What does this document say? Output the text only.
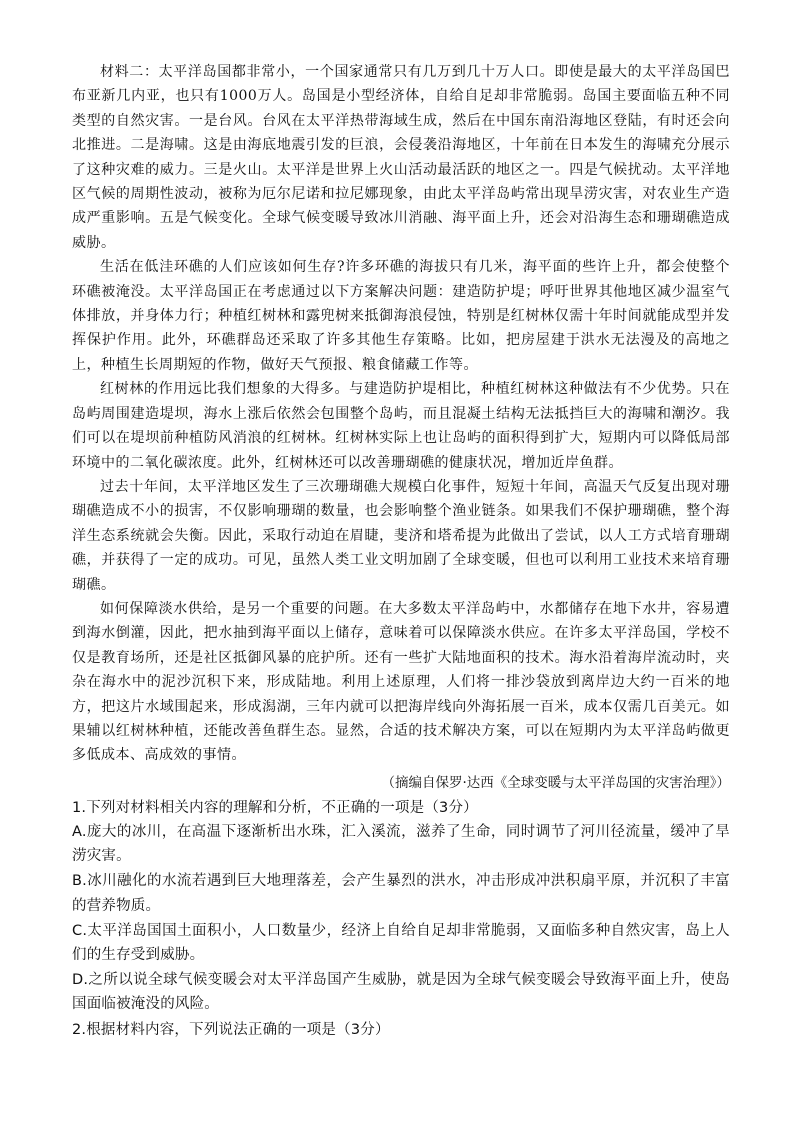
材料二：太平洋岛国都非常小，一个国家通常只有几万到几十万人口。即使是最大的太平洋岛国巴布亚新几内亚，也只有1000万人。岛国是小型经济体，自给自足却非常脆弱。岛国主要面临五种不同类型的自然灾害。一是台风。台风在太平洋热带海域生成，然后在中国东南沿海地区登陆，有时还会向北推进。二是海啸。这是由海底地震引发的巨浪，会侵袭沿海地区，十年前在日本发生的海啸充分展示了这种灾难的威力。三是火山。太平洋是世界上火山活动最活跃的地区之一。四是气候扰动。太平洋地区气候的周期性波动，被称为厄尔尼诺和拉尼娜现象，由此太平洋岛屿常出现旱涝灾害，对农业生产造成严重影响。五是气候变化。全球气候变暖导致冰川消融、海平面上升，还会对沿海生态和珊瑚礁造成威胁。

生活在低洼环礁的人们应该如何生存?许多环礁的海拔只有几米，海平面的些许上升，都会使整个环礁被淹没。太平洋岛国正在考虑通过以下方案解决问题：建造防护堤；呼吁世界其他地区减少温室气体排放，并身体力行；种植红树林和露兜树来抵御海浪侵蚀，特别是红树林仅需十年时间就能成型并发挥保护作用。此外，环礁群岛还采取了许多其他生存策略。比如，把房屋建于洪水无法漫及的高地之上，种植生长周期短的作物，做好天气预报、粮食储藏工作等。

红树林的作用远比我们想象的大得多。与建造防护堤相比，种植红树林这种做法有不少优势。只在岛屿周围建造堤坝，海水上涨后依然会包围整个岛屿，而且混凝土结构无法抵挡巨大的海啸和潮汐。我们可以在堤坝前种植防风消浪的红树林。红树林实际上也让岛屿的面积得到扩大，短期内可以降低局部环境中的二氧化碳浓度。此外，红树林还可以改善珊瑚礁的健康状况，增加近岸鱼群。

过去十年间，太平洋地区发生了三次珊瑚礁大规模白化事件，短短十年间，高温天气反复出现对珊瑚礁造成不小的损害，不仅影响珊瑚的数量，也会影响整个渔业链条。如果我们不保护珊瑚礁，整个海洋生态系统就会失衡。因此，采取行动迫在眉睫，斐济和塔希提为此做出了尝试，以人工方式培育珊瑚礁，并获得了一定的成功。可见，虽然人类工业文明加剧了全球变暖，但也可以利用工业技术来培育珊瑚礁。

如何保障淡水供给，是另一个重要的问题。在大多数太平洋岛屿中，水都储存在地下水井，容易遭到海水倒灌，因此，把水抽到海平面以上储存，意味着可以保障淡水供应。在许多太平洋岛国，学校不仅是教育场所，还是社区抵御风暴的庇护所。还有一些扩大陆地面积的技术。海水沿着海岸流动时，夹杂在海水中的泥沙沉积下来，形成陆地。利用上述原理，人们将一排沙袋放到离岸边大约一百米的地方，把这片水域围起来，形成潟湖，三年内就可以把海岸线向外海拓展一百米，成本仅需几百美元。如果辅以红树林种植，还能改善鱼群生态。显然，合适的技术解决方案，可以在短期内为太平洋岛屿做更多低成本、高成效的事情。

（摘编自保罗·达西《全球变暖与太平洋岛国的灾害治理》）

1.下列对材料相关内容的理解和分析，不正确的一项是（3分）

A.庞大的冰川，在高温下逐渐析出水珠，汇入溪流，滋养了生命，同时调节了河川径流量，缓冲了旱涝灾害。

B.冰川融化的水流若遇到巨大地理落差，会产生暴烈的洪水，冲击形成冲洪积扇平原，并沉积了丰富的营养物质。

C.太平洋岛国国土面积小，人口数量少，经济上自给自足却非常脆弱，又面临多种自然灾害，岛上人们的生存受到威胁。

D.之所以说全球气候变暖会对太平洋岛国产生威胁，就是因为全球气候变暖会导致海平面上升，使岛国面临被淹没的风险。

2.根据材料内容，下列说法正确的一项是（3分）
